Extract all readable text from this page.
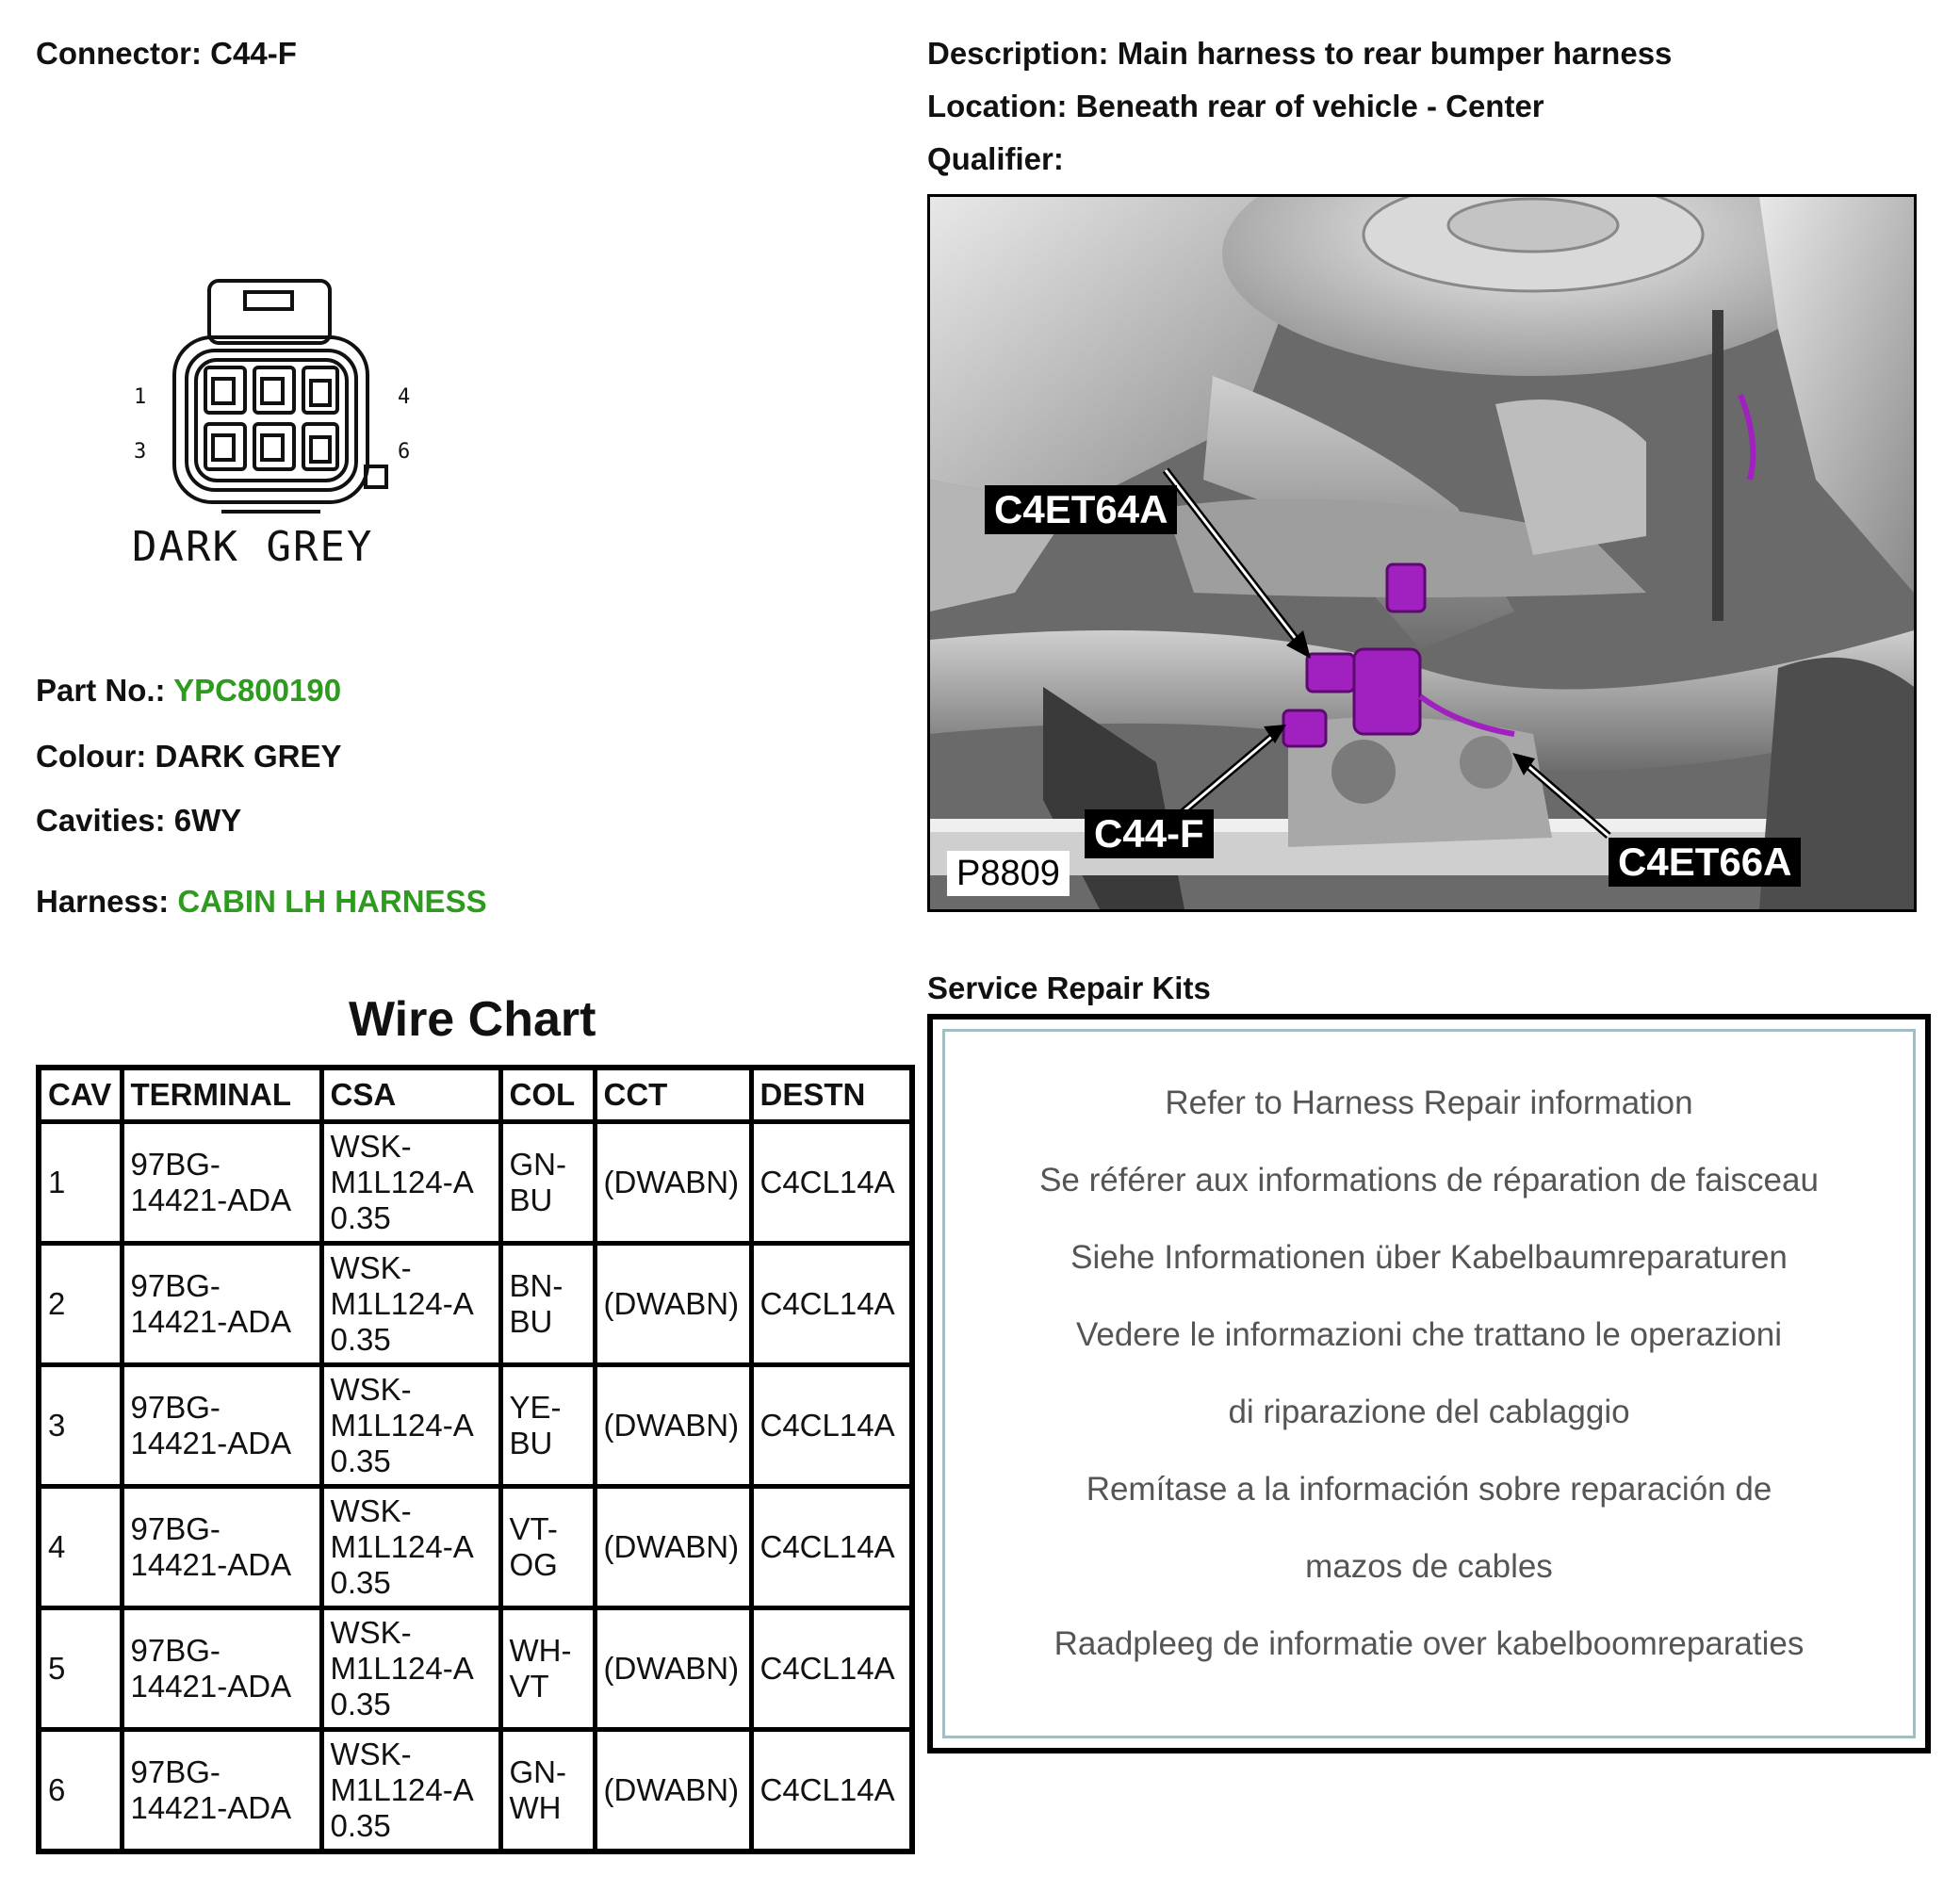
Connector: C44-F	Description: Main harness to rear bumper harness
Location: Beneath rear of vehicle - Center
Qualifier:
1	4
3	6
DARK GREY
Part No.: YPC800190
Colour: DARK GREY
Cavities: 6WY
Harness: CABIN LH HARNESS
Wire Chart
CAV	TERMINAL	CSA	COL	CCT	DESTN

1	97BG-
14421-ADA	WSK-
M1L124-A
0.35	GN-
BU	(DWABN)	C4CL14A

2	97BG-
14421-ADA	WSK-
M1L124-A
0.35	BN-
BU	(DWABN)	C4CL14A

3	97BG-
14421-ADA	WSK-
M1L124-A
0.35	YE-
BU	(DWABN)	C4CL14A

4	97BG-
14421-ADA	WSK-
M1L124-A
0.35	VT-
OG	(DWABN)	C4CL14A

5	97BG-
14421-ADA	WSK-
M1L124-A
0.35	WH-
VT	(DWABN)	C4CL14A

6	97BG-
14421-ADA	WSK-
M1L124-A
0.35	GN-
WH	(DWABN)	C4CL14A
C4ET64A
C44-F
C4ET66A
P8809
Service Repair Kits
Refer to Harness Repair information
Se référer aux informations de réparation de faisceau
Siehe Informationen über Kabelbaumreparaturen
Vedere le informazioni che trattano le operazioni
di riparazione del cablaggio
Remítase a la información sobre reparación de
mazos de cables
Raadpleeg de informatie over kabelboomreparaties
